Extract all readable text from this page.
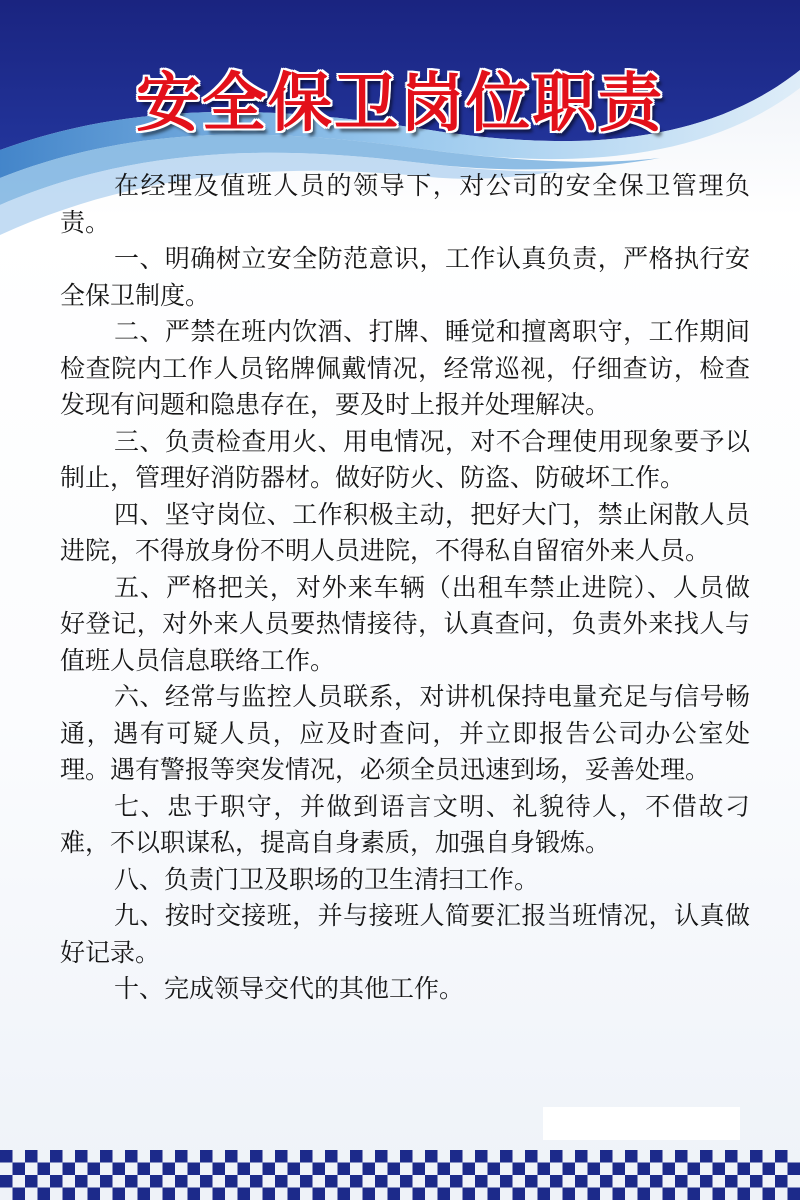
安全保卫岗位职责

在经理及值班人员的领导下，对公司的安全保卫管理负责。

一、明确树立安全防范意识，工作认真负责，严格执行安全保卫制度。

二、严禁在班内饮酒、打牌、睡觉和擅离职守，工作期间检查院内工作人员铭牌佩戴情况，经常巡视，仔细查访，检查发现有问题和隐患存在，要及时上报并处理解决。

三、负责检查用火、用电情况，对不合理使用现象要予以制止，管理好消防器材。做好防火、防盗、防破坏工作。

四、坚守岗位、工作积极主动，把好大门，禁止闲散人员进院，不得放身份不明人员进院，不得私自留宿外来人员。

五、严格把关，对外来车辆（出租车禁止进院）、人员做好登记，对外来人员要热情接待，认真查问，负责外来找人与值班人员信息联络工作。

六、经常与监控人员联系，对讲机保持电量充足与信号畅通，遇有可疑人员，应及时查问，并立即报告公司办公室处理。遇有警报等突发情况，必须全员迅速到场，妥善处理。

七、忠于职守，并做到语言文明、礼貌待人，不借故刁难，不以职谋私，提高自身素质，加强自身锻炼。

八、负责门卫及职场的卫生清扫工作。

九、按时交接班，并与接班人简要汇报当班情况，认真做好记录。

十、完成领导交代的其他工作。
